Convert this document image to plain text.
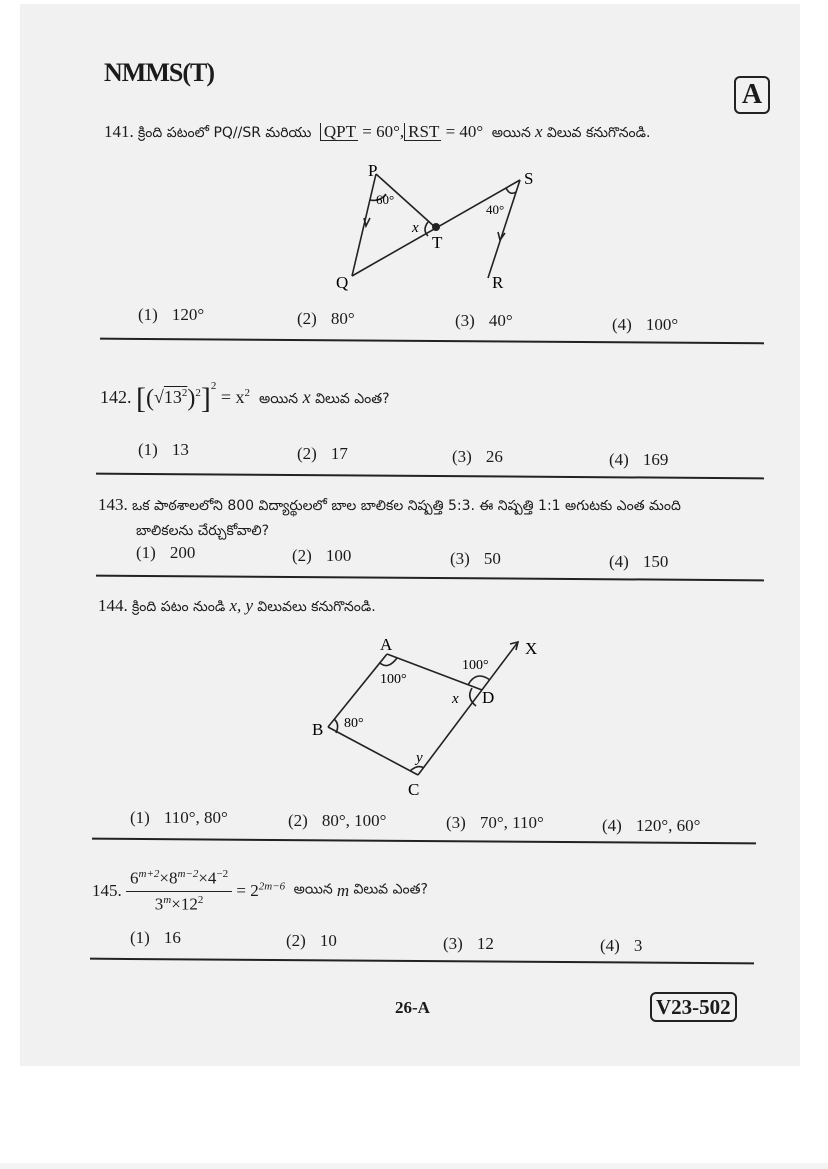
NMMS(T)
A
141. క్రింది పటంలో PQ//SR మరియు QPT = 60°, RST = 40° అయిన x విలువ కనుగొనండి.
P
60°
Q
T
x
S
40°
R
(1) 120°	(2) 80°	(3) 40°	(4) 100°
142. $[(√13^2)^2]^2 = x^2$ అయిన x విలువ ఎంత?
(1) 13	(2) 17	(3) 26	(4) 169
143. ఒక పాఠశాలలోని 800 విద్యార్థులలో బాల బాలికల నిష్పత్తి 5:3. ఈ నిష్పత్తి 1:1 అగుటకు ఎంత మంది
బాలికలను చేర్చుకోవాలి?
(1) 200	(2) 100	(3) 50	(4) 150
144. క్రింది పటం నుండి x, y విలువలు కనుగొనండి.
A
100°
B 80°
C
y
D
x
100°
X
(1) 110°, 80°	(2) 80°, 100°	(3) 70°, 110°	(4) 120°, 60°
145. $\frac{6^{m+2}\times 8^{m-2}\times 4^{-2}}{3^m\times 12^2} = 2^{2m-6}$ అయిన m విలువ ఎంత?
(1) 16	(2) 10	(3) 12	(4) 3
26-A	V23-502
